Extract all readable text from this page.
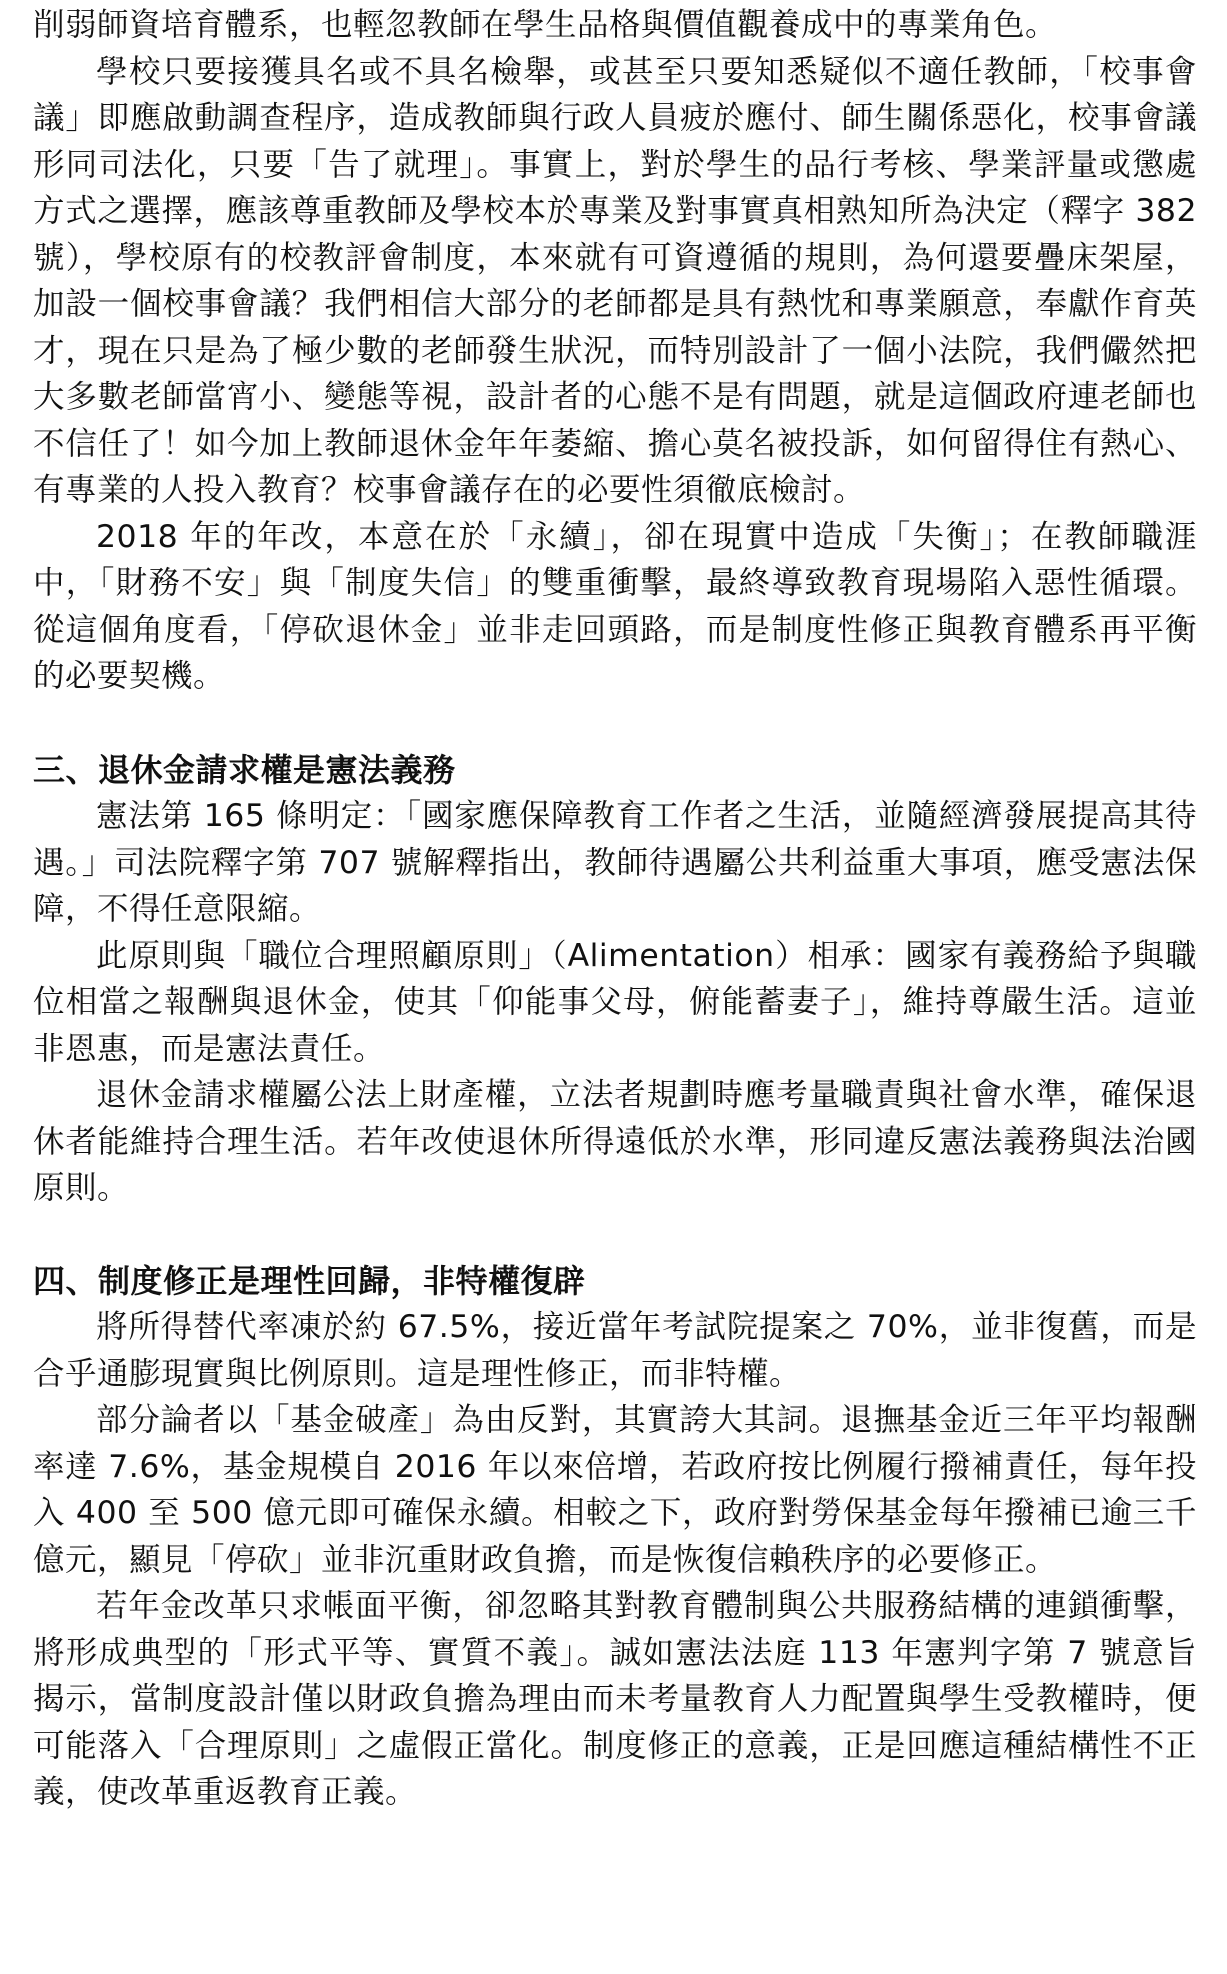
削弱師資培育體系，也輕忽教師在學生品格與價值觀養成中的專業角色。

學校只要接獲具名或不具名檢舉，或甚至只要知悉疑似不適任教師，「校事會議」即應啟動調查程序，造成教師與行政人員疲於應付、師生關係惡化，校事會議形同司法化，只要「告了就理」。事實上，對於學生的品行考核、學業評量或懲處方式之選擇，應該尊重教師及學校本於專業及對事實真相熟知所為決定（釋字 382 號），學校原有的校教評會制度，本來就有可資遵循的規則，為何還要疊床架屋，加設一個校事會議？我們相信大部分的老師都是具有熱忱和專業願意，奉獻作育英才，現在只是為了極少數的老師發生狀況，而特別設計了一個小法院，我們儼然把大多數老師當宵小、變態等視，設計者的心態不是有問題，就是這個政府連老師也不信任了！如今加上教師退休金年年萎縮、擔心莫名被投訴，如何留得住有熱心、有專業的人投入教育？校事會議存在的必要性須徹底檢討。

2018 年的年改，本意在於「永續」，卻在現實中造成「失衡」；在教師職涯中，「財務不安」與「制度失信」的雙重衝擊，最終導致教育現場陷入惡性循環。從這個角度看，「停砍退休金」並非走回頭路，而是制度性修正與教育體系再平衡的必要契機。

三、退休金請求權是憲法義務

憲法第 165 條明定：「國家應保障教育工作者之生活，並隨經濟發展提高其待遇。」司法院釋字第 707 號解釋指出，教師待遇屬公共利益重大事項，應受憲法保障，不得任意限縮。

此原則與「職位合理照顧原則」（Alimentation）相承：國家有義務給予與職位相當之報酬與退休金，使其「仰能事父母，俯能蓄妻子」，維持尊嚴生活。這並非恩惠，而是憲法責任。

退休金請求權屬公法上財產權，立法者規劃時應考量職責與社會水準，確保退休者能維持合理生活。若年改使退休所得遠低於水準，形同違反憲法義務與法治國原則。

四、制度修正是理性回歸，非特權復辟

將所得替代率凍於約 67.5%，接近當年考試院提案之 70%，並非復舊，而是合乎通膨現實與比例原則。這是理性修正，而非特權。

部分論者以「基金破產」為由反對，其實誇大其詞。退撫基金近三年平均報酬率達 7.6%，基金規模自 2016 年以來倍增，若政府按比例履行撥補責任，每年投入 400 至 500 億元即可確保永續。相較之下，政府對勞保基金每年撥補已逾三千億元，顯見「停砍」並非沉重財政負擔，而是恢復信賴秩序的必要修正。

若年金改革只求帳面平衡，卻忽略其對教育體制與公共服務結構的連鎖衝擊，將形成典型的「形式平等、實質不義」。誠如憲法法庭 113 年憲判字第 7 號意旨揭示，當制度設計僅以財政負擔為理由而未考量教育人力配置與學生受教權時，便可能落入「合理原則」之虛假正當化。制度修正的意義，正是回應這種結構性不正義，使改革重返教育正義。
